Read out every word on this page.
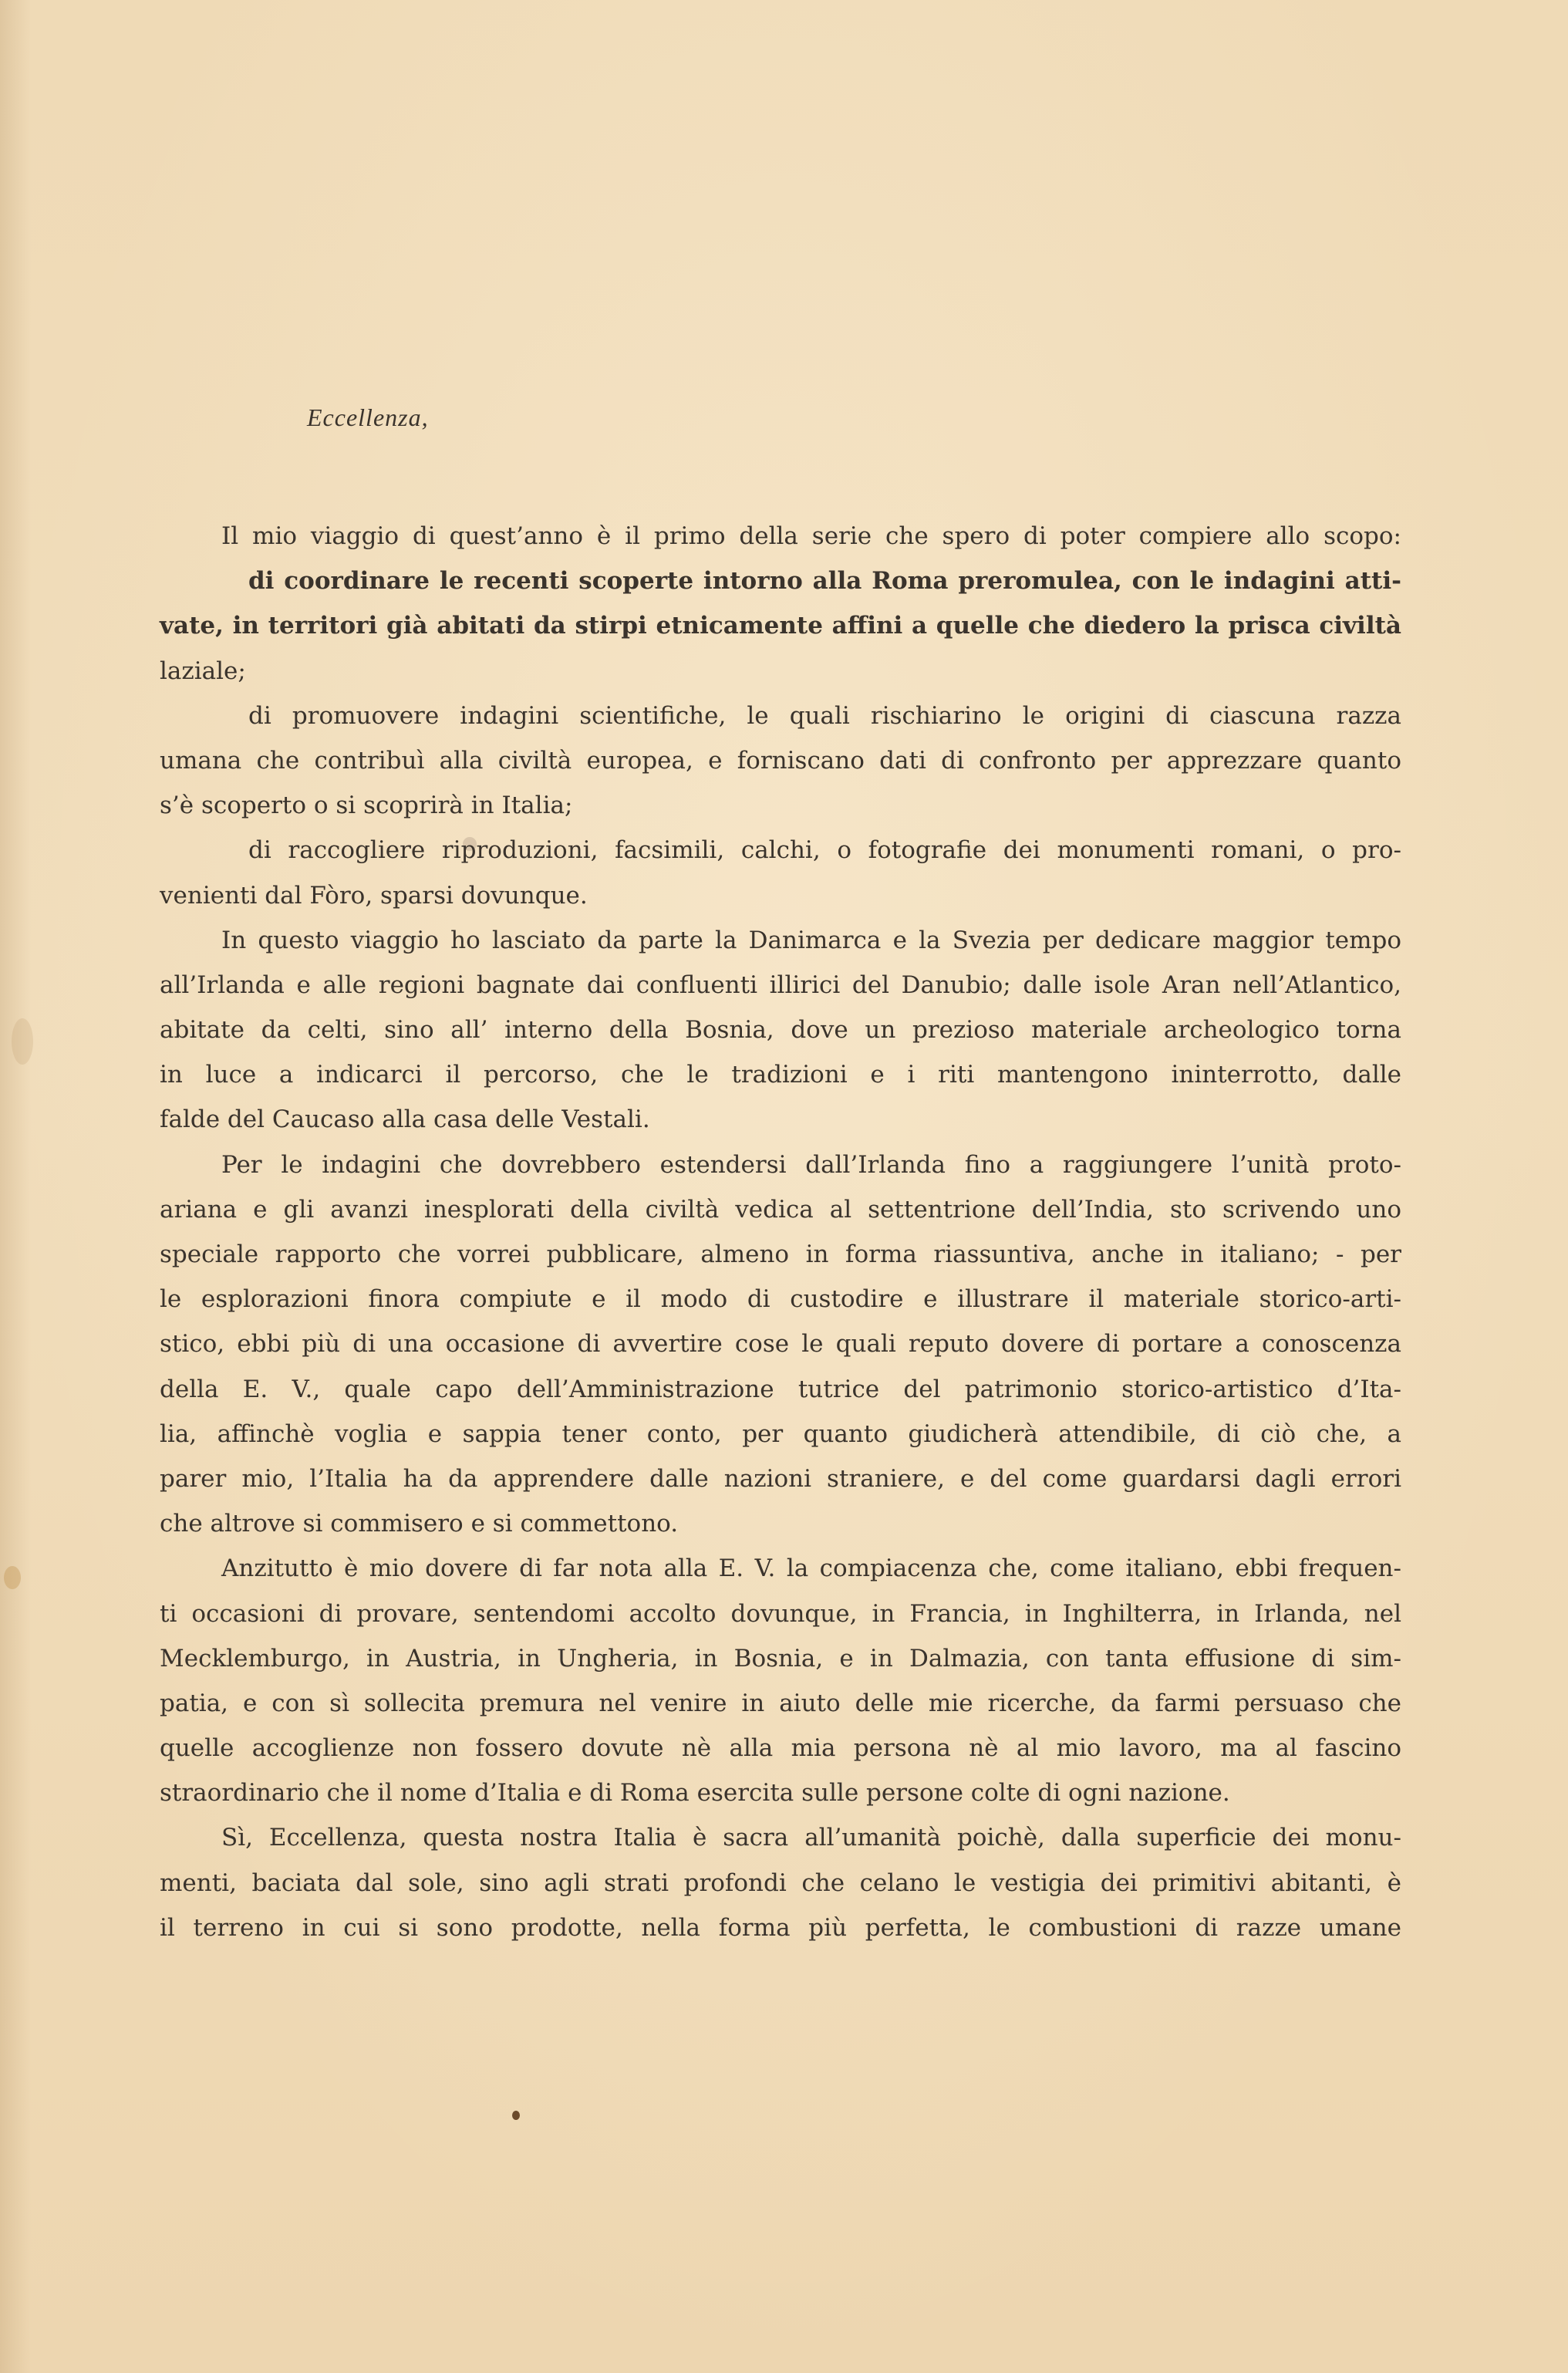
Eccellenza,
Il mio viaggio di quest’anno è il primo della serie che spero di poter compiere allo scopo:
di coordinare le recenti scoperte intorno alla Roma preromulea, con le indagini atti-
vate, in territori già abitati da stirpi etnicamente affini a quelle che diedero la prisca civiltà
laziale;
di promuovere indagini scientifiche, le quali rischiarino le origini di ciascuna razza
umana che contribuì alla civiltà europea, e forniscano dati di confronto per apprezzare quanto
s’è scoperto o si scoprirà in Italia;
di raccogliere riproduzioni, facsimili, calchi, o fotografie dei monumenti romani, o pro-
venienti dal Fòro, sparsi dovunque.
In questo viaggio ho lasciato da parte la Danimarca e la Svezia per dedicare maggior tempo
all’Irlanda e alle regioni bagnate dai confluenti illirici del Danubio; dalle isole Aran nell’Atlantico,
abitate da celti, sino all’ interno della Bosnia, dove un prezioso materiale archeologico torna
in luce a indicarci il percorso, che le tradizioni e i riti mantengono ininterrotto, dalle
falde del Caucaso alla casa delle Vestali.
Per le indagini che dovrebbero estendersi dall’Irlanda fino a raggiungere l’unità proto-
ariana e gli avanzi inesplorati della civiltà vedica al settentrione dell’India, sto scrivendo uno
speciale rapporto che vorrei pubblicare, almeno in forma riassuntiva, anche in italiano; - per
le esplorazioni finora compiute e il modo di custodire e illustrare il materiale storico-arti-
stico, ebbi più di una occasione di avvertire cose le quali reputo dovere di portare a conoscenza
della E. V., quale capo dell’Amministrazione tutrice del patrimonio storico-artistico d’Ita-
lia, affinchè voglia e sappia tener conto, per quanto giudicherà attendibile, di ciò che, a
parer mio, l’Italia ha da apprendere dalle nazioni straniere, e del come guardarsi dagli errori
che altrove si commisero e si commettono.
Anzitutto è mio dovere di far nota alla E. V. la compiacenza che, come italiano, ebbi frequen-
ti occasioni di provare, sentendomi accolto dovunque, in Francia, in Inghilterra, in Irlanda, nel
Mecklemburgo, in Austria, in Ungheria, in Bosnia, e in Dalmazia, con tanta effusione di sim-
patia, e con sì sollecita premura nel venire in aiuto delle mie ricerche, da farmi persuaso che
quelle accoglienze non fossero dovute nè alla mia persona nè al mio lavoro, ma al fascino
straordinario che il nome d’Italia e di Roma esercita sulle persone colte di ogni nazione.
Sì, Eccellenza, questa nostra Italia è sacra all’umanità poichè, dalla superficie dei monu-
menti, baciata dal sole, sino agli strati profondi che celano le vestigia dei primitivi abitanti, è
il terreno in cui si sono prodotte, nella forma più perfetta, le combustioni di razze umane
